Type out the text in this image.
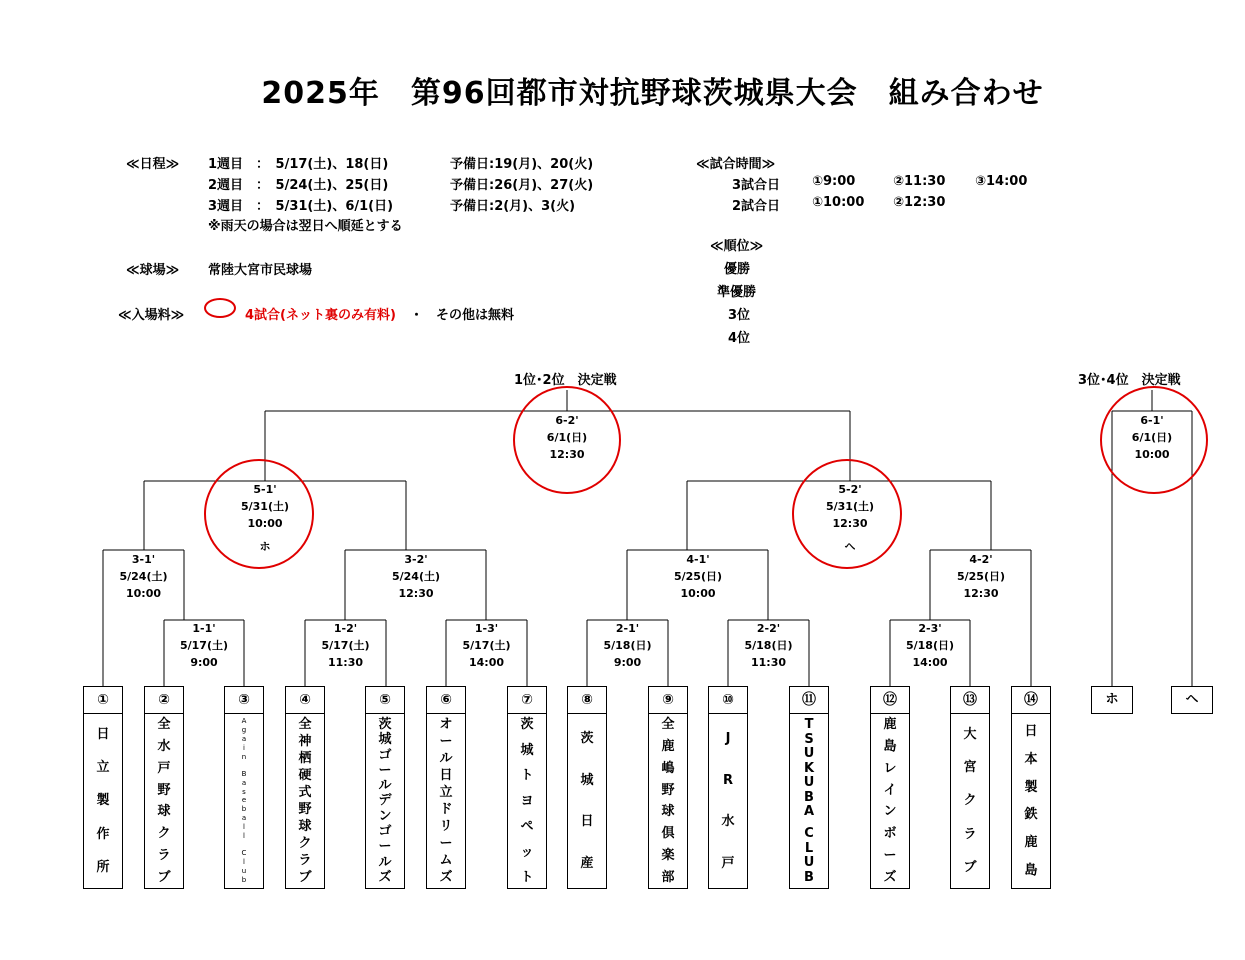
2025年　第96回都市対抗野球茨城県大会　組み合わせ
≪日程≫ 1週目　：　5/17(土)、18(日)	予備日:19(月)、20(火)
2週目　：　5/24(土)、25(日)	予備日:26(月)、27(火)
3週目　：　5/31(土)、6/1(日)	予備日:2(月)、3(火)
※雨天の場合は翌日へ順延とする
≪球場≫ 常陸大宮市民球場
≪入場料≫	4試合(ネット裏のみ有料) ・　その他は無料
≪試合時間≫
3試合日 ①9:00	②11:30 ③14:00
2試合日 ①10:00 ②12:30
≪順位≫
優勝
準優勝
3位
4位
1位･2位　決定戦	3位･4位　決定戦
6-2'
6/1(日)
12:30
6-1'
6/1(日)
10:00
5-1'
5/31(土)
10:00
ホ
5-2'
5/31(土)
12:30
ヘ
3-1'
5/24(土)
10:00
3-2'
5/24(土)
12:30
4-1'
5/25(日)
10:00
4-2'
5/25(日)
12:30
1-1'
5/17(土)
9:00
1-2'
5/17(土)
11:30
1-3'
5/17(土)
14:00
2-1'
5/18(日)
9:00
2-2'
5/18(日)
11:30
2-3'
5/18(日)
14:00
①
日
立
製
作
所
②
全
水
戸
野
球
ク
ラ
ブ
③
A
g
a
i
n
B
a
s
e
b
a
l
l
C
l
u
b
④
全
神
栖
硬
式
野
球
ク
ラ
ブ
⑤
茨
城
ゴ
ー
ル
デ
ン
ゴ
ー
ル
ズ
⑥
オ
ー
ル
日
立
ド
リ
ー
ム
ズ
⑦
茨
城
ト
ヨ
ペ
ッ
ト
⑧
茨
城
日
産
⑨
全
鹿
嶋
野
球
倶
楽
部
⑩
J
R
水
戸
⑪
T
S
U
K
U
B
A
C
L
U
B
⑫
鹿
島
レ
イ
ン
ボ
ー
ズ
⑬
大
宮
ク
ラ
ブ
⑭
日
本
製
鉄
鹿
島
ホ	ヘ
